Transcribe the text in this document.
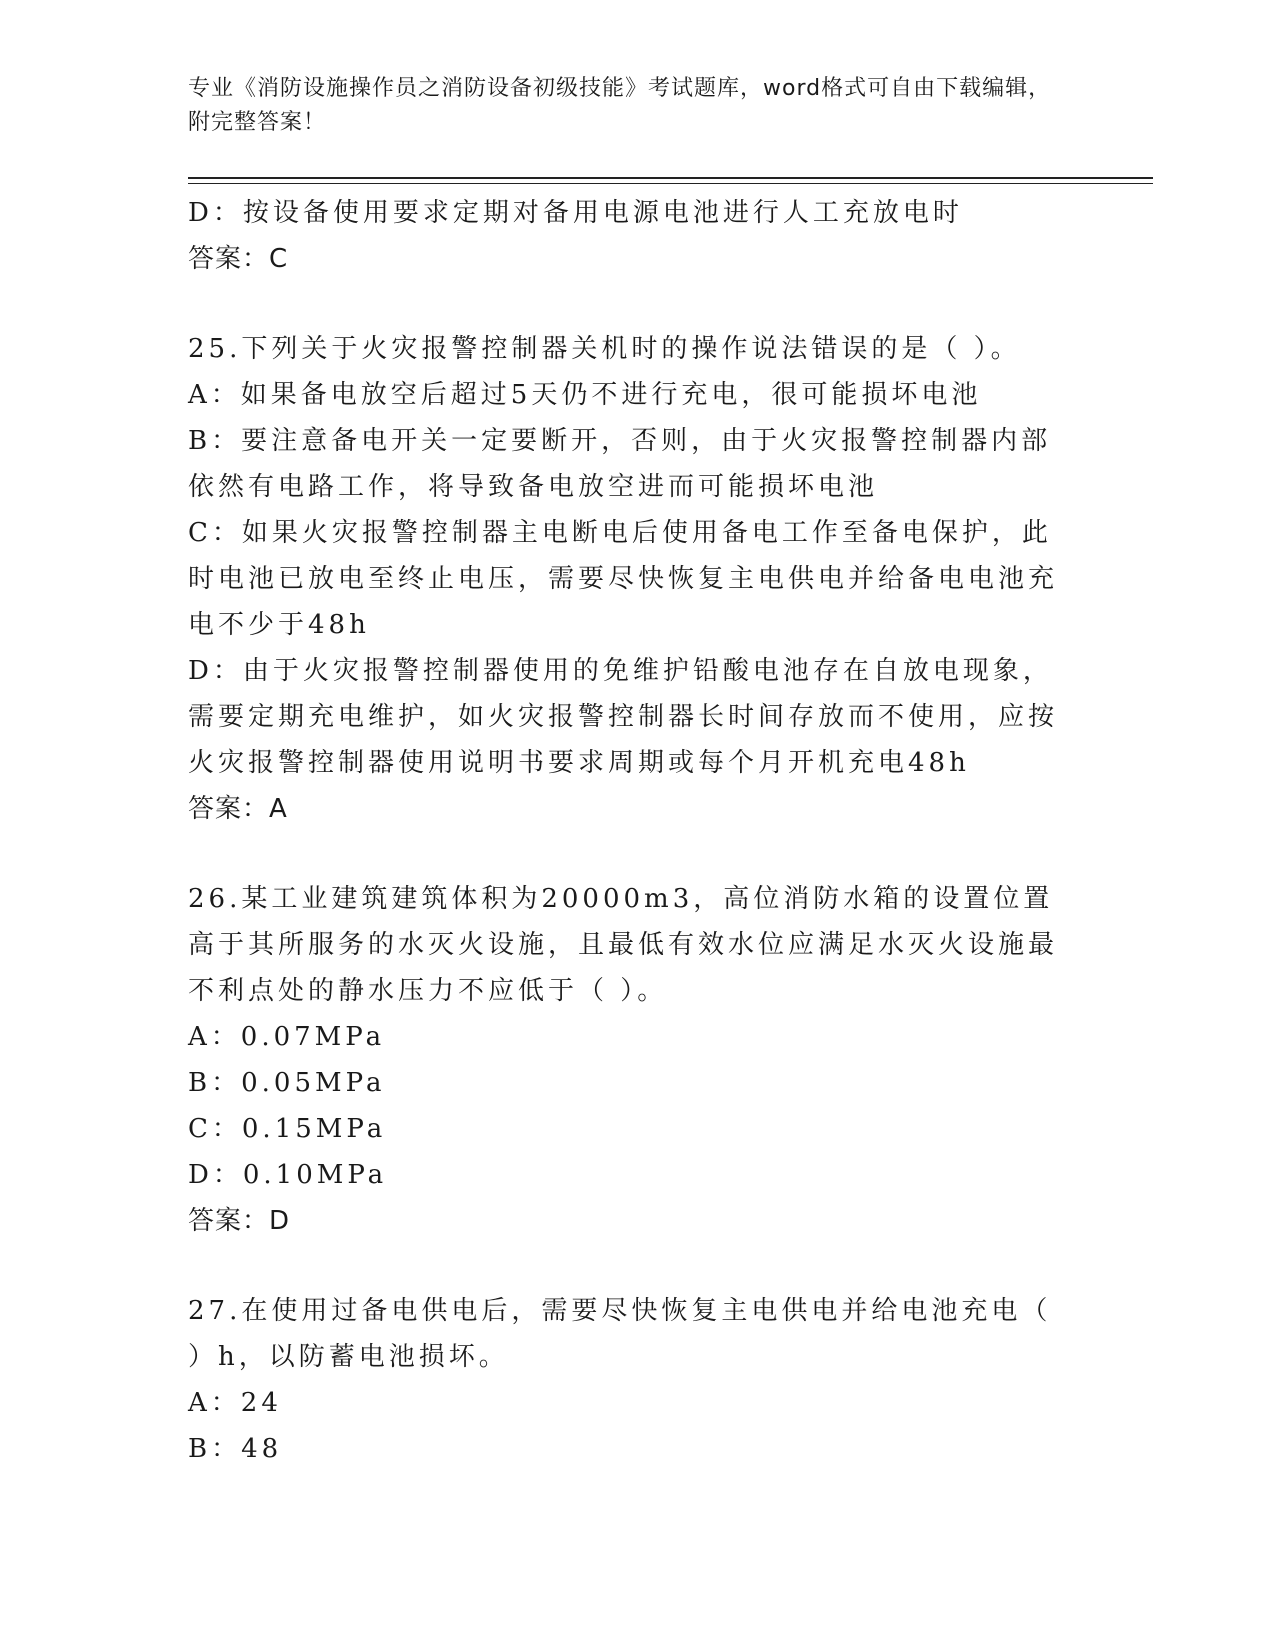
专业《消防设施操作员之消防设备初级技能》考试题库，word格式可自由下载编辑，附完整答案！

D：按设备使用要求定期对备用电源电池进行人工充放电时

答案：C

25.下列关于火灾报警控制器关机时的操作说法错误的是（ ）。

A：如果备电放空后超过5天仍不进行充电，很可能损坏电池

B：要注意备电开关一定要断开，否则，由于火灾报警控制器内部依然有电路工作，将导致备电放空进而可能损坏电池

C：如果火灾报警控制器主电断电后使用备电工作至备电保护，此时电池已放电至终止电压，需要尽快恢复主电供电并给备电电池充电不少于48h

D：由于火灾报警控制器使用的免维护铅酸电池存在自放电现象，需要定期充电维护，如火灾报警控制器长时间存放而不使用，应按火灾报警控制器使用说明书要求周期或每个月开机充电48h

答案：A

26.某工业建筑建筑体积为20000m3，高位消防水箱的设置位置高于其所服务的水灭火设施，且最低有效水位应满足水灭火设施最不利点处的静水压力不应低于（ ）。

A：0.07MPa

B：0.05MPa

C：0.15MPa

D：0.10MPa

答案：D

27.在使用过备电供电后，需要尽快恢复主电供电并给电池充电（ ）h，以防蓄电池损坏。

A：24

B：48
